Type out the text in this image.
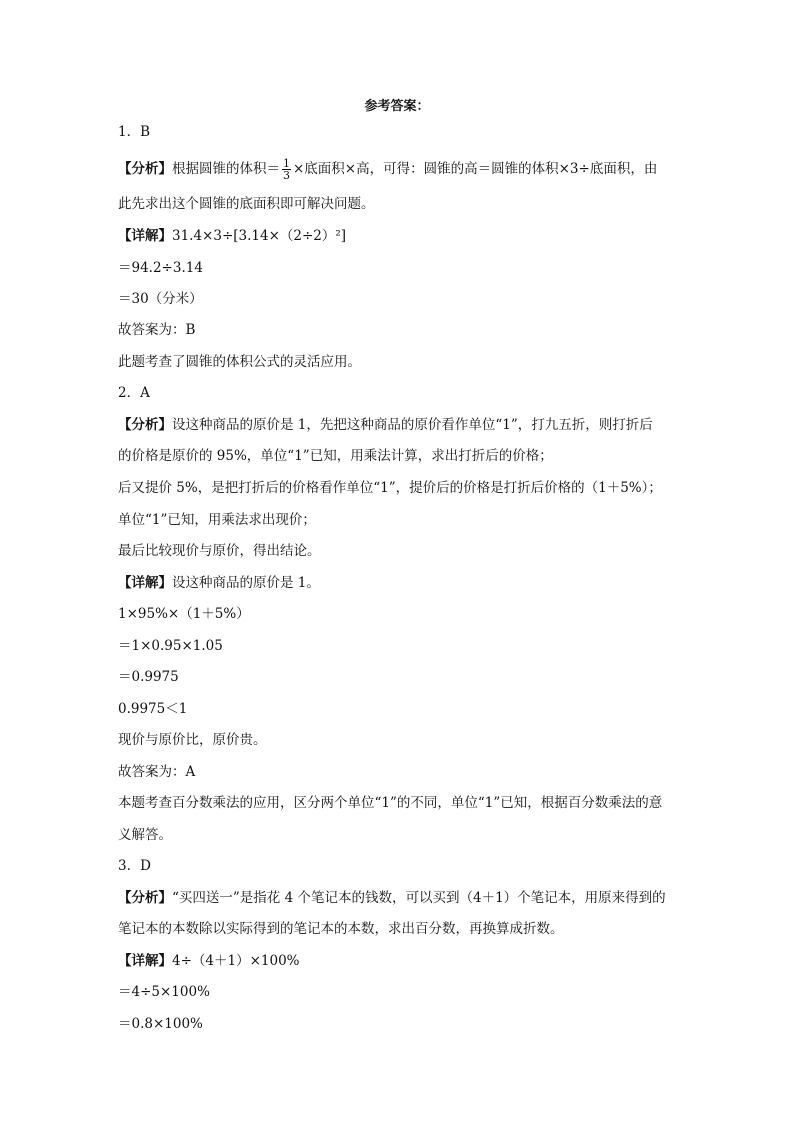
参考答案：
1．B
【分析】根据圆锥的体积＝ $\frac{1}{3}$ ×底面积×高，可得：圆锥的高＝圆锥的体积×3÷底面积，由
此先求出这个圆锥的底面积即可解决问题。
【详解】31.4×3÷[3.14×（2÷2）²]
＝94.2÷3.14
＝30（分米）
故答案为：B
此题考查了圆锥的体积公式的灵活应用。
2．A
【分析】设这种商品的原价是 1，先把这种商品的原价看作单位“1”，打九五折，则打折后
的价格是原价的 95%，单位“1”已知，用乘法计算，求出打折后的价格；
后又提价 5%，是把打折后的价格看作单位“1”，提价后的价格是打折后价格的（1＋5%）；
单位“1”已知，用乘法求出现价；
最后比较现价与原价，得出结论。
【详解】设这种商品的原价是 1。
1×95%×（1＋5%）
＝1×0.95×1.05
＝0.9975
0.9975＜1
现价与原价比，原价贵。
故答案为：A
本题考查百分数乘法的应用，区分两个单位“1”的不同，单位“1”已知，根据百分数乘法的意
义解答。
3．D
【分析】“买四送一”是指花 4 个笔记本的钱数，可以买到（4＋1）个笔记本，用原来得到的
笔记本的本数除以实际得到的笔记本的本数，求出百分数，再换算成折数。
【详解】4÷（4＋1）×100%
＝4÷5×100%
＝0.8×100%
